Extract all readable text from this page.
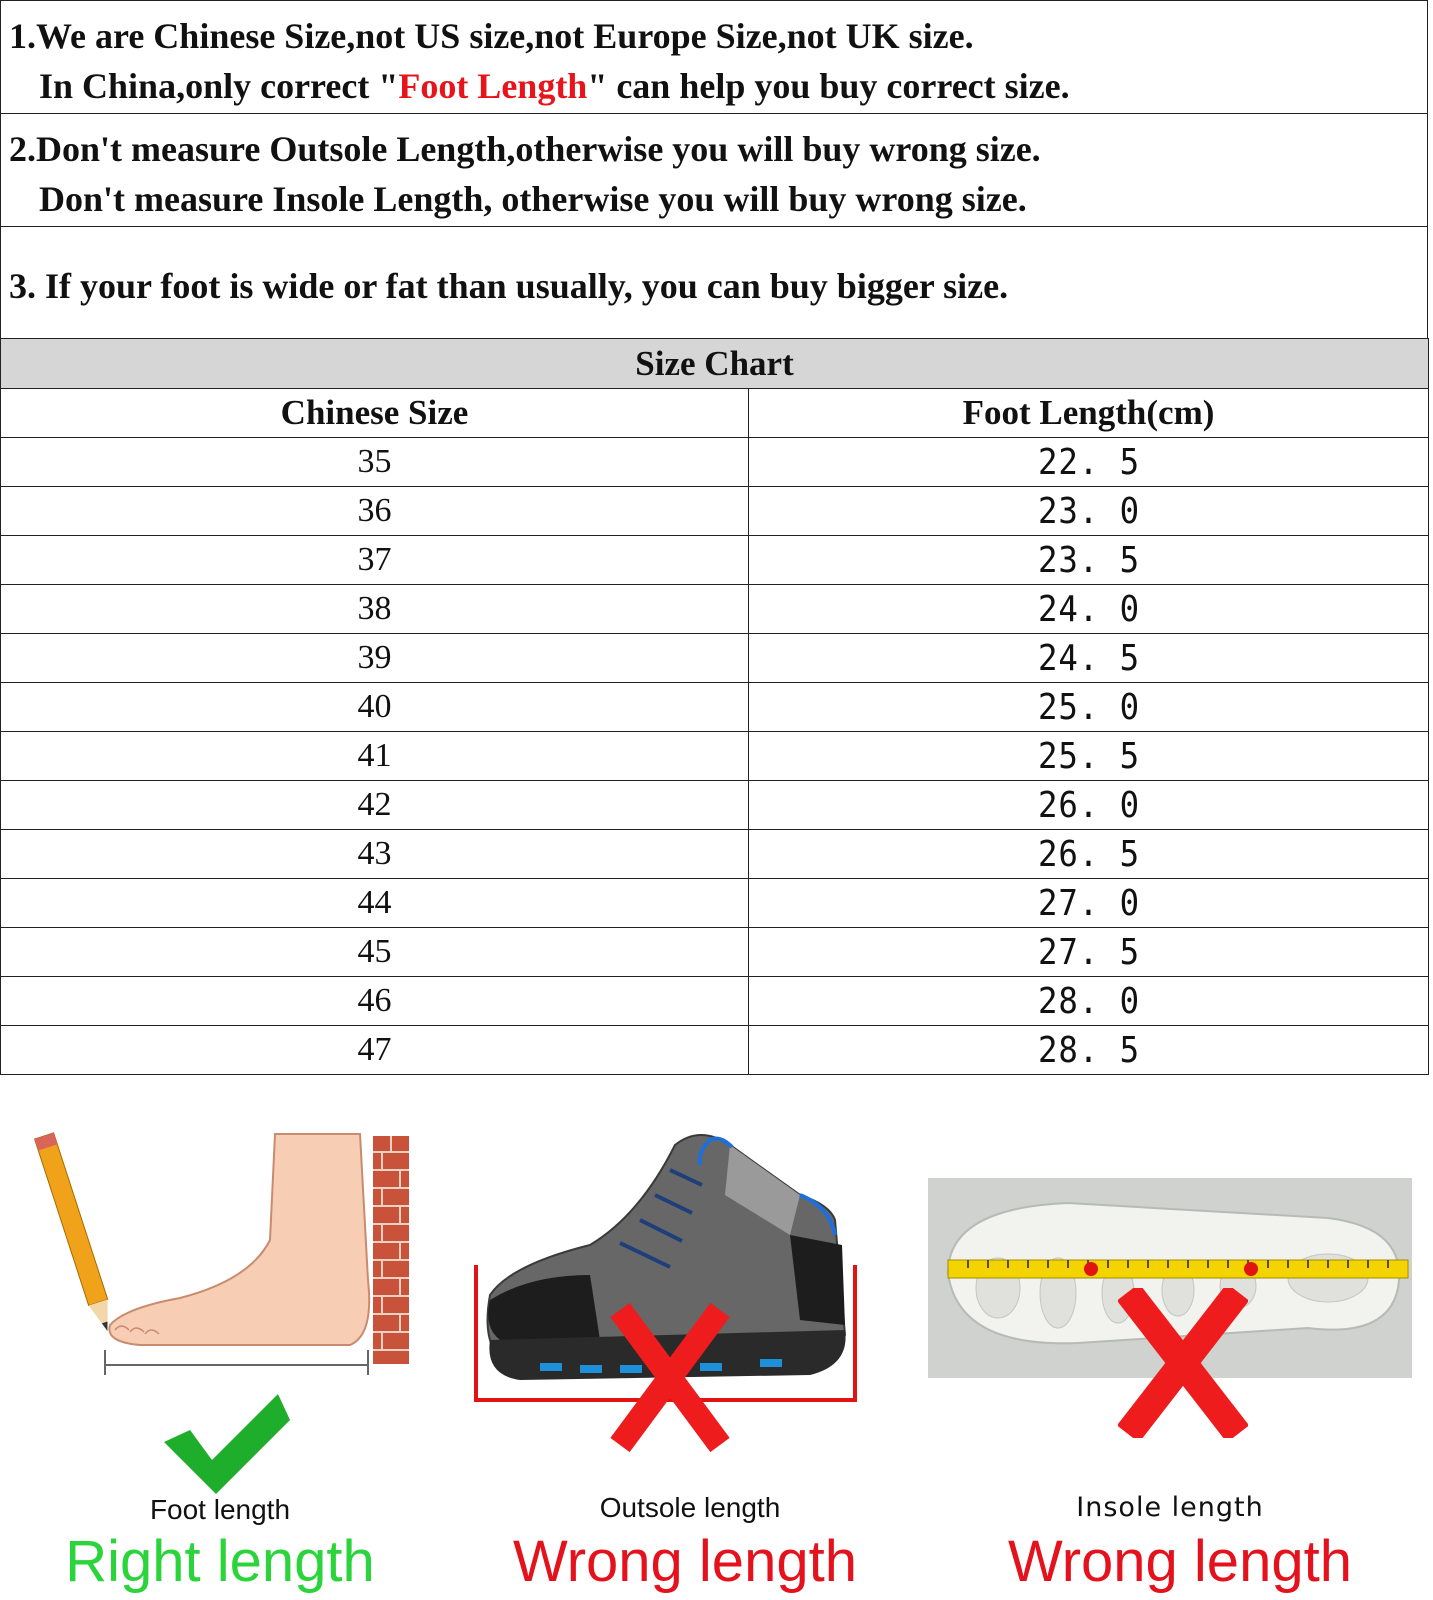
1.We are Chinese Size,not US size,not Europe Size,not UK size.

In China,only correct "Foot Length" can help you buy correct size.

2.Don't measure Outsole Length,otherwise you will buy wrong size.

Don't measure Insole Length, otherwise you will buy wrong size.

3. If your foot is wide or fat than usually, you can buy bigger size.

Size Chart	
Chinese Size	Foot Length(cm)
35	22. 5
36	23. 0
37	23. 5
38	24. 0
39	24. 5
40	25. 0
41	25. 5
42	26. 0
43	26. 5
44	27. 0
45	27. 5
46	28. 0
47	28. 5
Foot length
Right length
Outsole length
Wrong length
Insole length
Wrong length
